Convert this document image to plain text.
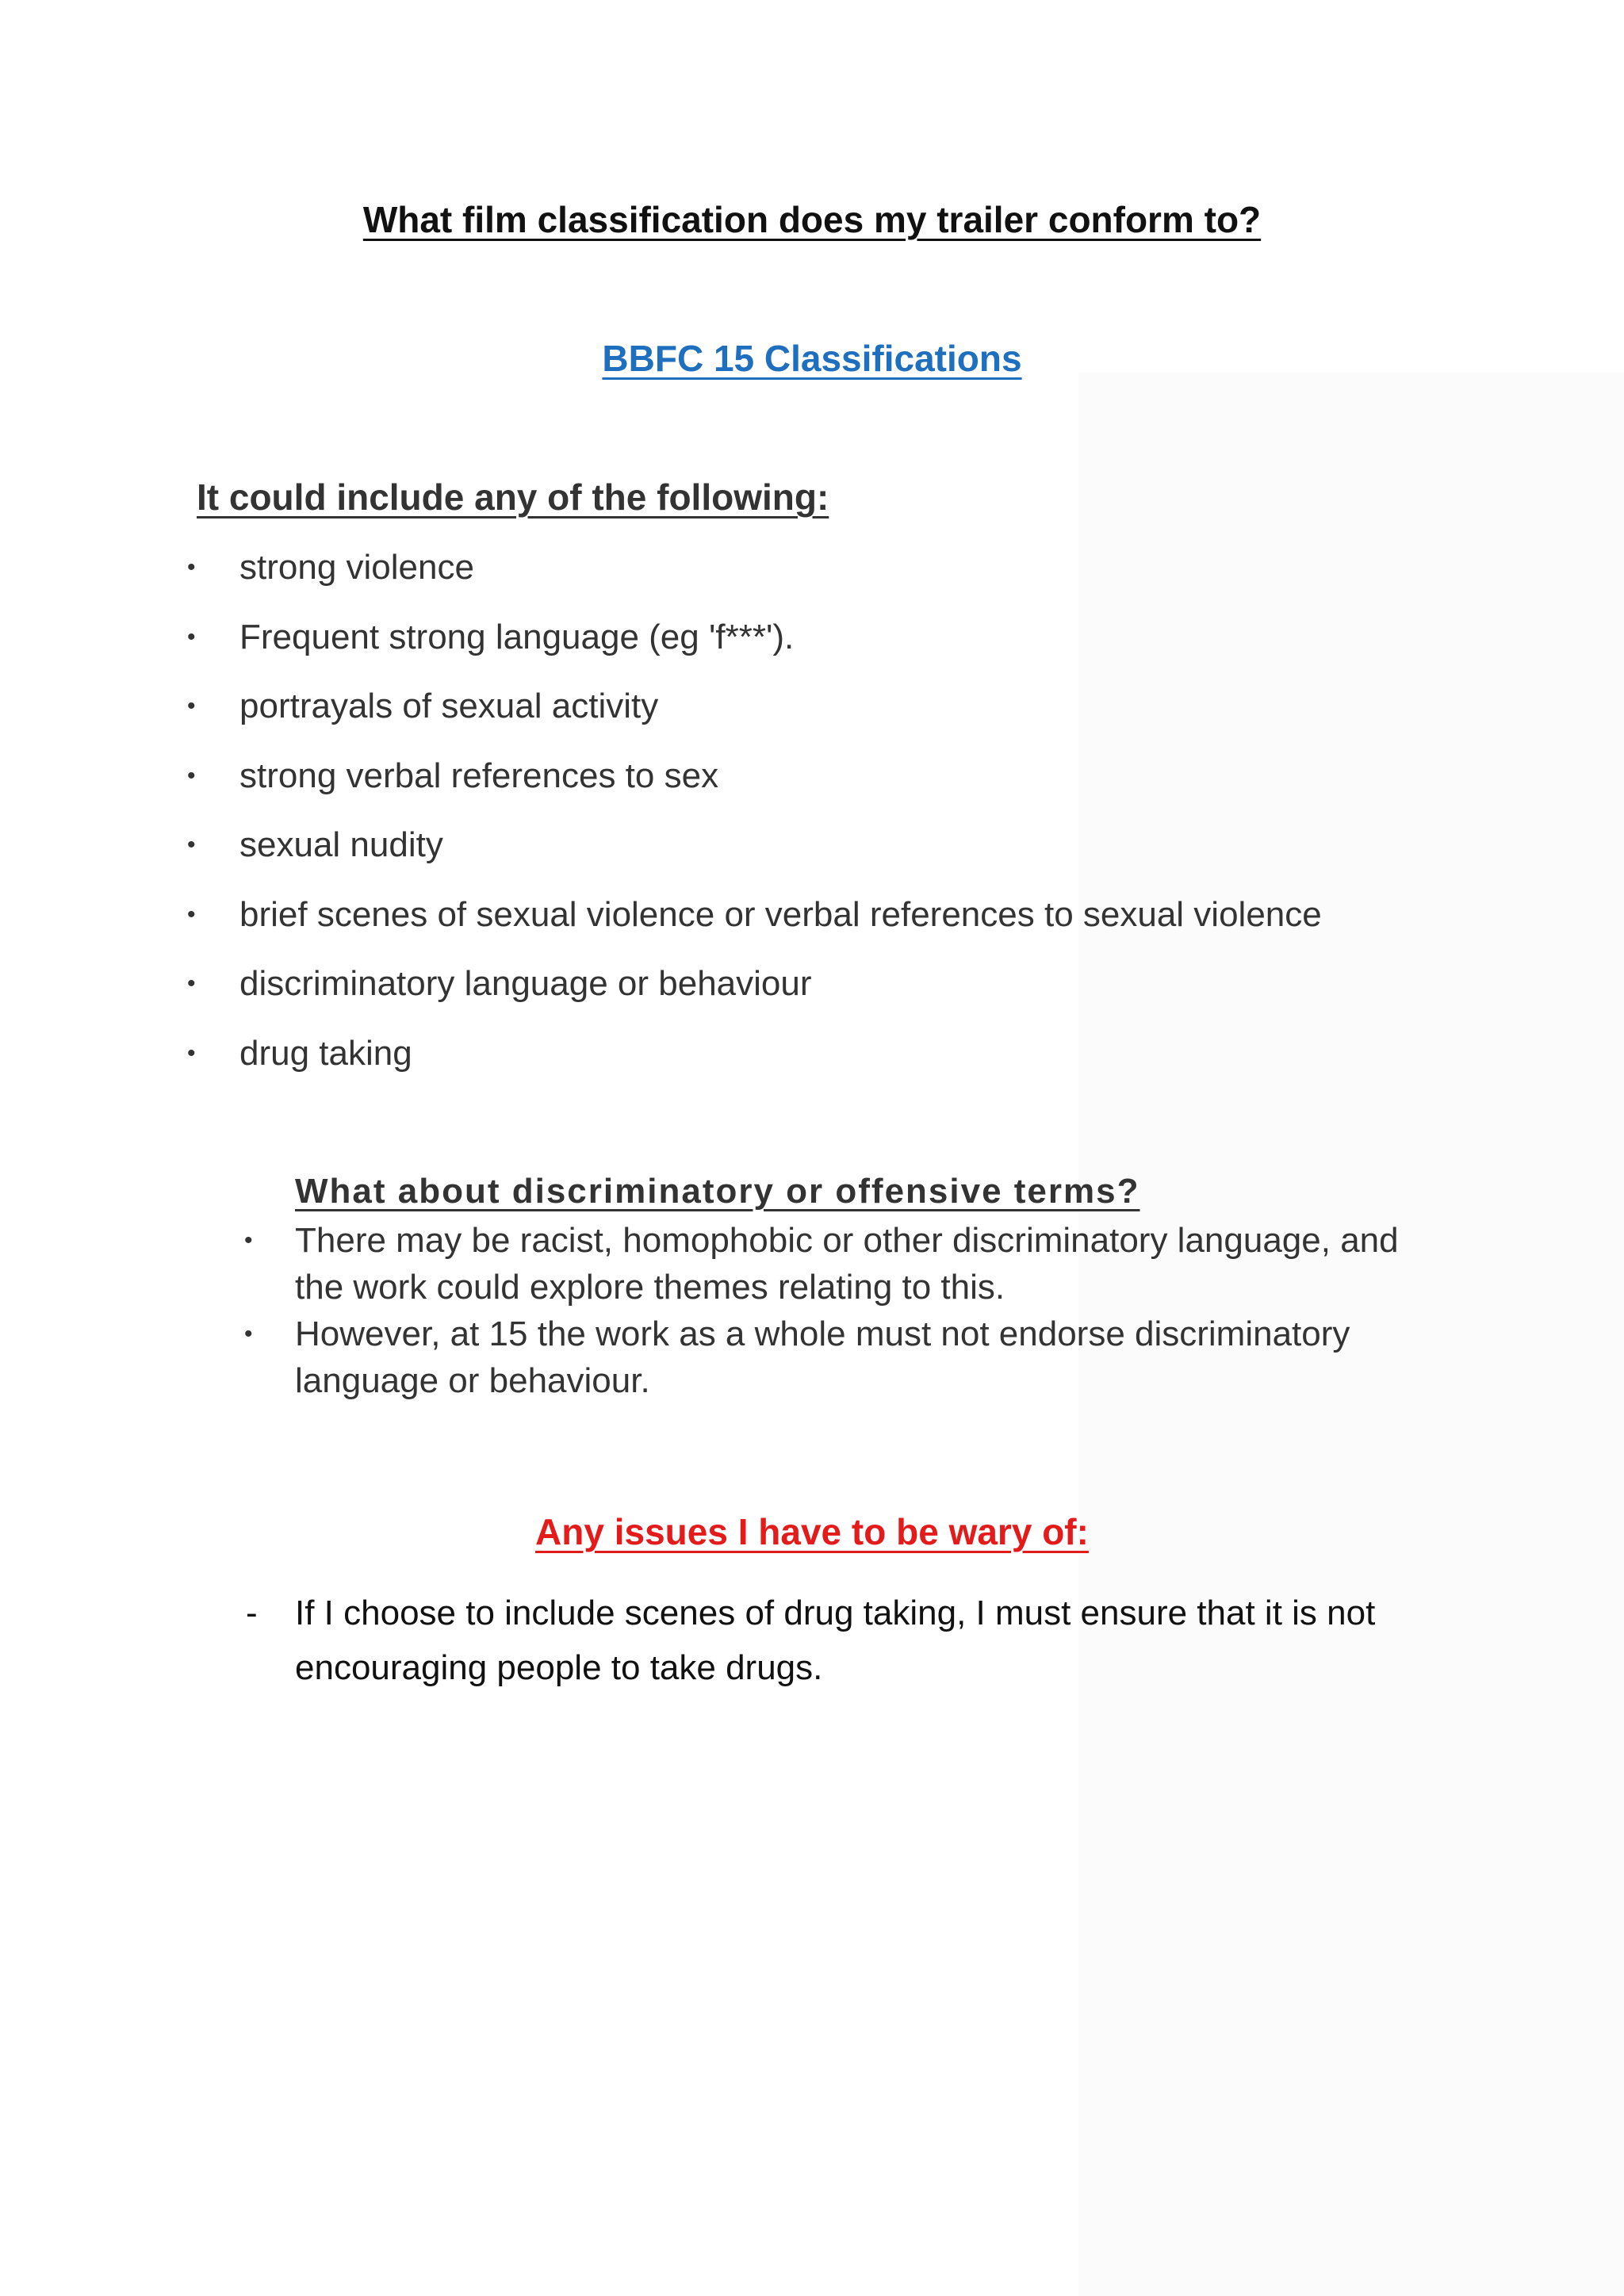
What film classification does my trailer conform to?
BBFC 15 Classifications
It could include any of the following:
•	strong violence
•	Frequent strong language (eg 'f***').
•	portrayals of sexual activity
•	strong verbal references to sex
•	sexual nudity
•	brief scenes of sexual violence or verbal references to sexual violence
•	discriminatory language or behaviour
•	drug taking
What about discriminatory or offensive terms?
• There may be racist, homophobic or other discriminatory language, and
the work could explore themes relating to this.
• However, at 15 the work as a whole must not endorse discriminatory
language or behaviour.
Any issues I have to be wary of:
- If I choose to include scenes of drug taking, I must ensure that it is not
encouraging people to take drugs.
